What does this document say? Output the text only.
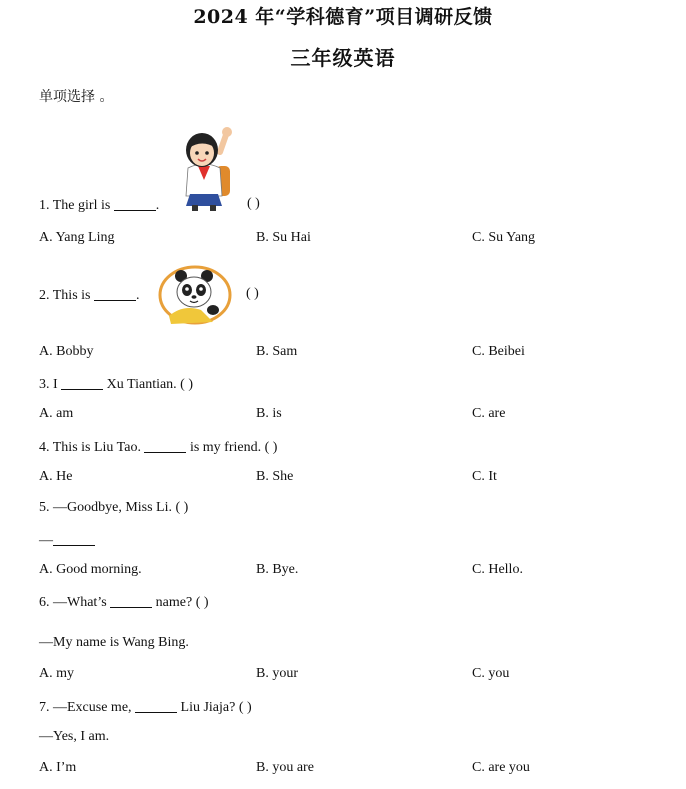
2024 年“学科德育”项目调研反馈
三年级英语
单项选择 。
1. The girl is	.	( )
A. Yang Ling	B. Su Hai	C. Su Yang
2. This is	.	( )
A. Bobby	B. Sam	C. Beibei
3. I	Xu Tiantian. ( )
A. am	B. is	C. are
4. This is Liu Tao.	is my friend. ( )
A. He	B. She	C. It
5. —Goodbye, Miss Li. ( )
—
A. Good morning.	B. Bye.	C. Hello.
6. —What’s	name? ( )
—My name is Wang Bing.
A. my	B. your	C. you
7. —Excuse me,	Liu Jiaja? ( )
—Yes, I am.
A. I’m	B. you are	C. are you
